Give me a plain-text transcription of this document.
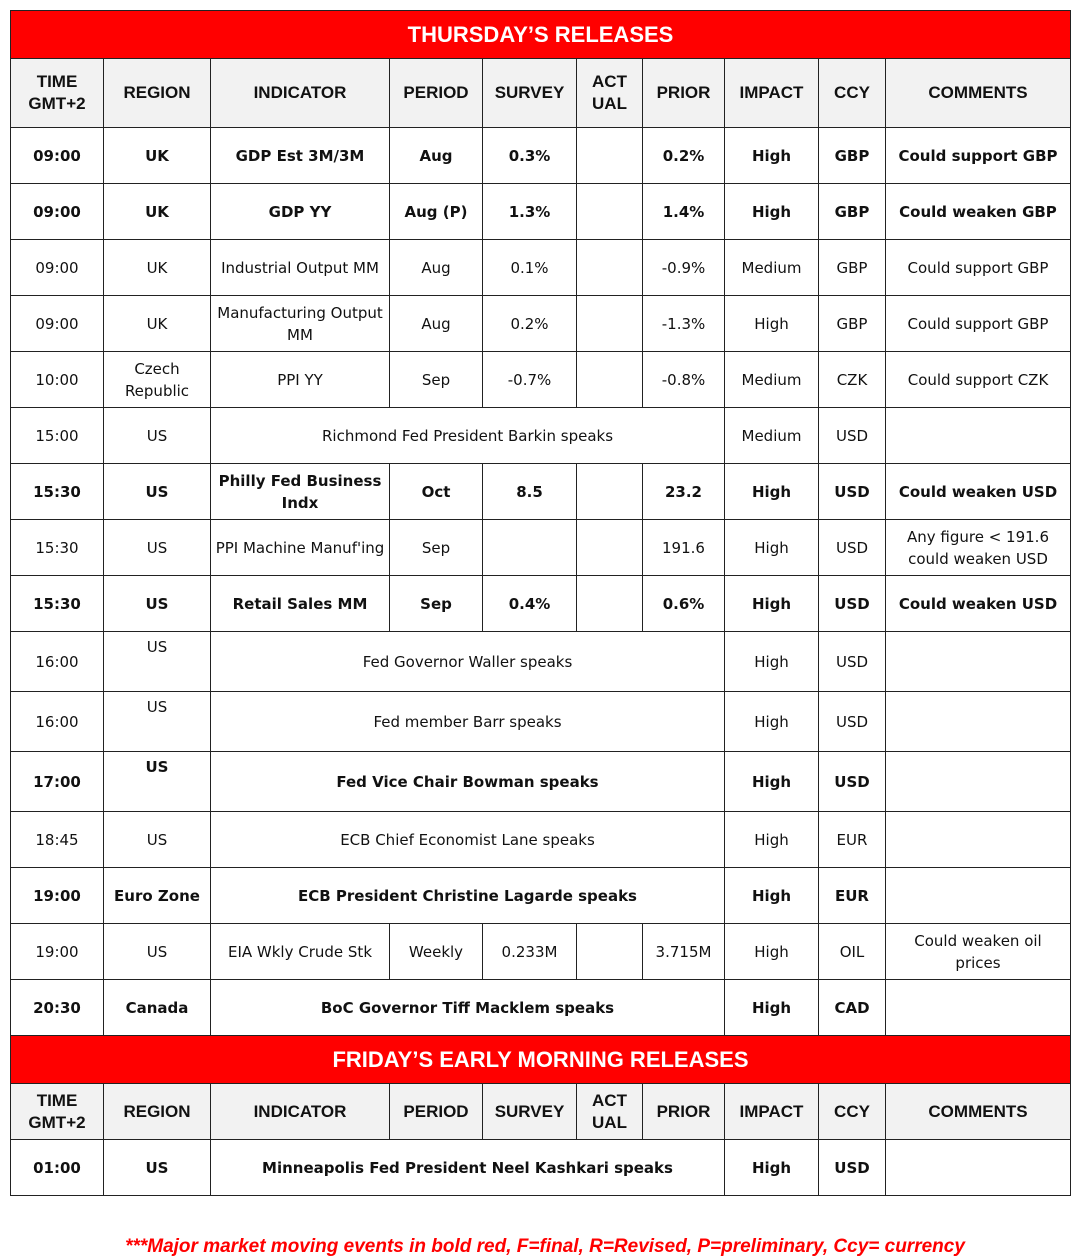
THURSDAY’S RELEASES									
TIME GMT+2	REGION	INDICATOR	PERIOD	SURVEY	ACT UAL	PRIOR	IMPACT	CCY	COMMENTS
09:00	UK	GDP Est 3M/3M	Aug	0.3%		0.2%	High	GBP	Could support GBP
09:00	UK	GDP YY	Aug (P)	1.3%		1.4%	High	GBP	Could weaken GBP
09:00	UK	Industrial Output MM	Aug	0.1%		-0.9%	Medium	GBP	Could support GBP
09:00	UK	Manufacturing Output MM	Aug	0.2%		-1.3%	High	GBP	Could support GBP
10:00	Czech Republic	PPI YY	Sep	-0.7%		-0.8%	Medium	CZK	Could support CZK
15:00	US	Richmond Fed President Barkin speaks					Medium	USD	
15:30	US	Philly Fed Business Indx	Oct	8.5		23.2	High	USD	Could weaken USD
15:30	US	PPI Machine Manuf'ing	Sep			191.6	High	USD	Any figure < 191.6 could weaken USD
15:30	US	Retail Sales MM	Sep	0.4%		0.6%	High	USD	Could weaken USD
16:00	US	Fed Governor Waller speaks					High	USD	
16:00	US	Fed member Barr speaks					High	USD	
17:00	US	Fed Vice Chair Bowman speaks					High	USD	
18:45	US	ECB Chief Economist Lane speaks					High	EUR	
19:00	Euro Zone	ECB President Christine Lagarde speaks					High	EUR	
19:00	US	EIA Wkly Crude Stk	Weekly	0.233M		3.715M	High	OIL	Could weaken oil prices
20:30	Canada	BoC Governor Tiff Macklem speaks					High	CAD	
FRIDAY’S EARLY MORNING RELEASES									
TIME GMT+2	REGION	INDICATOR	PERIOD	SURVEY	ACT UAL	PRIOR	IMPACT	CCY	COMMENTS
01:00	US	Minneapolis Fed President Neel Kashkari speaks					High	USD	
***Major market moving events in bold red, F=final, R=Revised, P=preliminary, Ccy= currency
